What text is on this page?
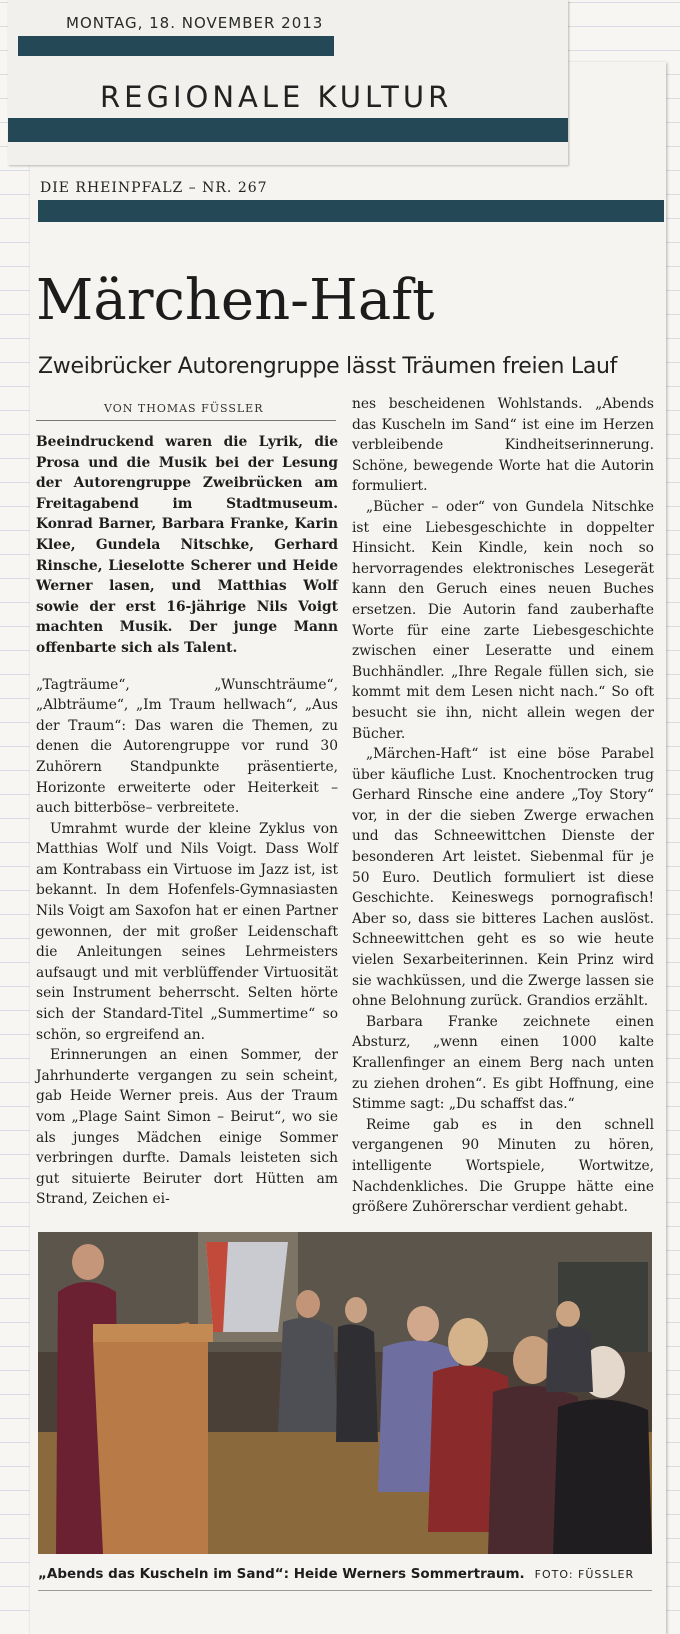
MONTAG, 18. NOVEMBER 2013
REGIONALE KULTUR
DIE RHEINPFALZ – NR. 267
Märchen-Haft
Zweibrücker Autorengruppe lässt Träumen freien Lauf
VON THOMAS FÜSSLER

Beeindruckend waren die Lyrik, die Prosa und die Musik bei der Lesung der Autorengruppe Zweibrücken am Freitagabend im Stadtmuseum. Konrad Barner, Barbara Franke, Karin Klee, Gundela Nitschke, Gerhard Rinsche, Lieselotte Scherer und Heide Werner lasen, und Matthias Wolf sowie der erst 16-jährige Nils Voigt machten Musik. Der junge Mann offenbarte sich als Talent.

„Tagträume“, „Wunschträume“, „Albträume“, „Im Traum hellwach“, „Aus der Traum“: Das waren die Themen, zu denen die Autorengruppe vor rund 30 Zuhörern Standpunkte präsentierte, Horizonte erweiterte oder Heiterkeit – auch bitterböse– verbreitete.

Umrahmt wurde der kleine Zyklus von Matthias Wolf und Nils Voigt. Dass Wolf am Kontrabass ein Virtuose im Jazz ist, ist bekannt. In dem Hofenfels-Gymnasiasten Nils Voigt am Saxofon hat er einen Partner gewonnen, der mit großer Leidenschaft die Anleitungen seines Lehrmeisters aufsaugt und mit verblüffender Virtuosität sein Instrument beherrscht. Selten hörte sich der Standard-Titel „Summertime“ so schön, so ergreifend an.

Erinnerungen an einen Sommer, der Jahrhunderte vergangen zu sein scheint, gab Heide Werner preis. Aus der Traum vom „Plage Saint Simon – Beirut“, wo sie als junges Mädchen einige Sommer verbringen durfte. Damals leisteten sich gut situierte Beiruter dort Hütten am Strand, Zeichen ei-

nes bescheidenen Wohlstands. „Abends das Kuscheln im Sand“ ist eine im Herzen verbleibende Kindheitserinnerung. Schöne, bewegende Worte hat die Autorin formuliert.

„Bücher – oder“ von Gundela Nitschke ist eine Liebesgeschichte in doppelter Hinsicht. Kein Kindle, kein noch so hervorragendes elektronisches Lesegerät kann den Geruch eines neuen Buches ersetzen. Die Autorin fand zauberhafte Worte für eine zarte Liebesgeschichte zwischen einer Leseratte und einem Buchhändler. „Ihre Regale füllen sich, sie kommt mit dem Lesen nicht nach.“ So oft besucht sie ihn, nicht allein wegen der Bücher.

„Märchen-Haft“ ist eine böse Parabel über käufliche Lust. Knochentrocken trug Gerhard Rinsche eine andere „Toy Story“ vor, in der die sieben Zwerge erwachen und das Schneewittchen Dienste der besonderen Art leistet. Siebenmal für je 50 Euro. Deutlich formuliert ist diese Geschichte. Keineswegs pornografisch! Aber so, dass sie bitteres Lachen auslöst. Schneewittchen geht es so wie heute vielen Sexarbeiterinnen. Kein Prinz wird sie wachküssen, und die Zwerge lassen sie ohne Belohnung zurück. Grandios erzählt.

Barbara Franke zeichnete einen Absturz, „wenn einen 1000 kalte Krallenfinger an einem Berg nach unten zu ziehen drohen“. Es gibt Hoffnung, eine Stimme sagt: „Du schaffst das.“

Reime gab es in den schnell vergangenen 90 Minuten zu hören, intelligente Wortspiele, Wortwitze, Nachdenkliches. Die Gruppe hätte eine größere Zuhörerschar verdient gehabt.

„Abends das Kuscheln im Sand“: Heide Werners Sommertraum. FOTO: FÜSSLER
